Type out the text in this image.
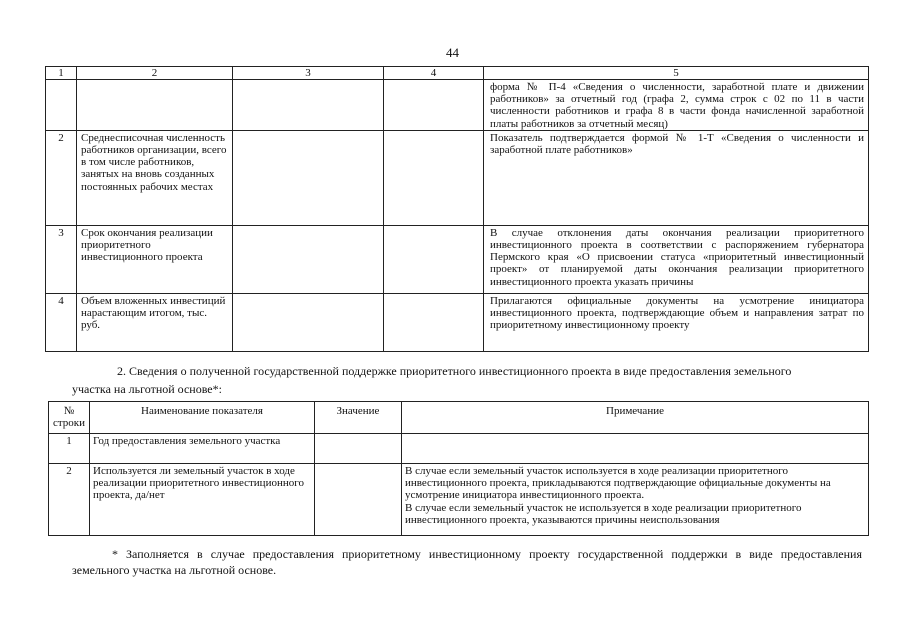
44
1	2	3	4	5
				форма № П-4 «Сведения о численности, заработной плате и движении работников» за отчетный год (графа 2, сумма строк с 02 по 11 в части численности работников и графа 8 в части фонда начисленной заработной платы работников за отчетный месяц)
2	Среднесписочная численность работников организации, всего в том числе работников, занятых на вновь созданных постоянных рабочих местах			Показатель подтверждается формой № 1-Т «Сведения о численности и заработной плате работников»
3	Срок окончания реализации приоритетного инвестиционного проекта			В случае отклонения даты окончания реализации приоритетного инвестиционного проекта в соответствии с распоряжением губернатора Пермского края «О присвоении статуса «приоритетный инвестиционный проект» от планируемой даты окончания реализации приоритетного инвестиционного проекта указать причины
4	Объем вложенных инвестиций нарастающим итогом, тыс. руб.			Прилагаются официальные документы на усмотрение инициатора инвестиционного проекта, подтверждающие объем и направления затрат по приоритетному инвестиционному проекту
2. Сведения о полученной государственной поддержке приоритетного инвестиционного проекта в виде предоставления земельного
участка на льготной основе*:
№ строки	Наименование показателя	Значение	Примечание
1	Год предоставления земельного участка		
2	Используется ли земельный участок в ходе реализации приоритетного инвестиционного проекта, да/нет		В случае если земельный участок используется в ходе реализации приоритетного инвестиционного проекта, прикладываются подтверждающие официальные документы на усмотрение инициатора инвестиционного проекта.
В случае если земельный участок не используется в ходе реализации приоритетного инвестиционного проекта, указываются причины неиспользования
* Заполняется в случае предоставления приоритетному инвестиционному проекту государственной поддержки в виде предоставления земельного участка на льготной основе.
